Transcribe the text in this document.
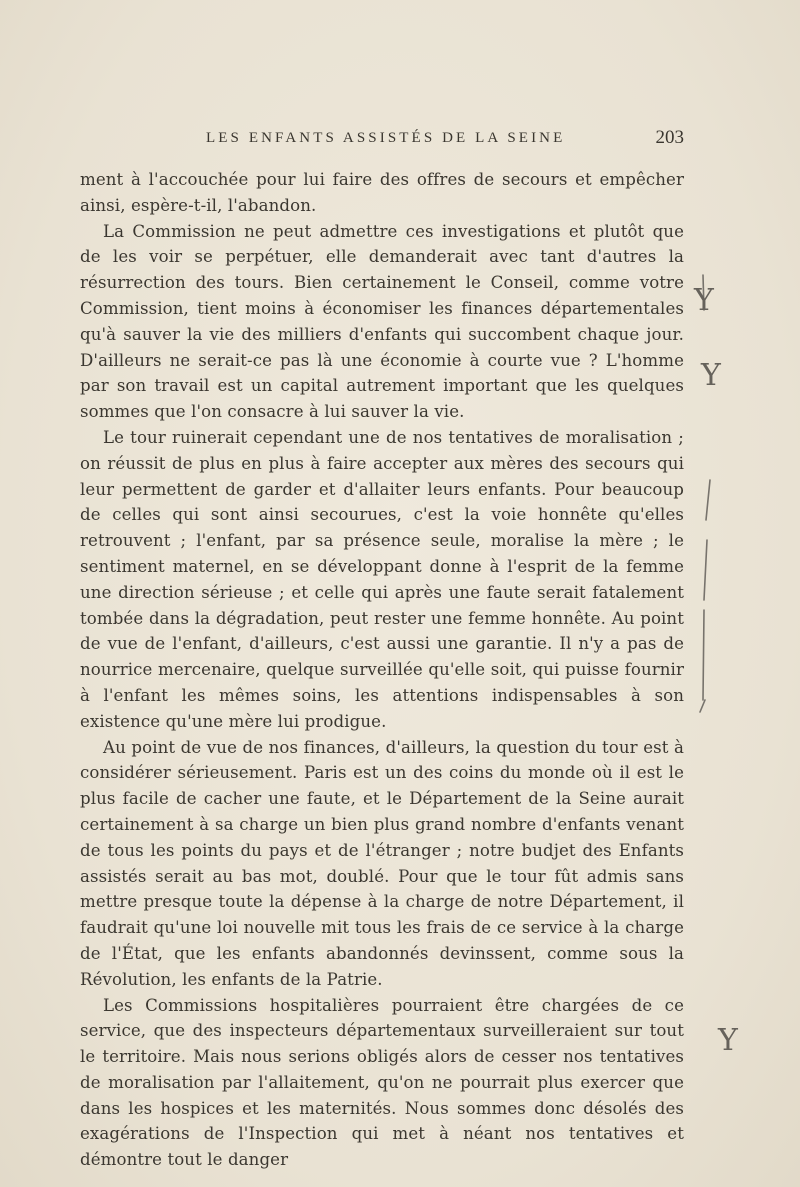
LES ENFANTS ASSISTÉS DE LA SEINE	203

ment à l'accouchée pour lui faire des offres de secours et empêcher ainsi, espère-t-il, l'abandon.

La Commission ne peut admettre ces investigations et plutôt que de les voir se perpétuer, elle demanderait avec tant d'autres la résurrection des tours. Bien certainement le Conseil, comme votre Commission, tient moins à économiser les finances départementales qu'à sauver la vie des milliers d'enfants qui succombent chaque jour. D'ailleurs ne serait-ce pas là une économie à courte vue ? L'homme par son travail est un capital autrement important que les quelques sommes que l'on consacre à lui sauver la vie.

Le tour ruinerait cependant une de nos tentatives de moralisation ; on réussit de plus en plus à faire accepter aux mères des secours qui leur permettent de garder et d'allaiter leurs enfants. Pour beaucoup de celles qui sont ainsi secourues, c'est la voie honnête qu'elles retrouvent ; l'enfant, par sa présence seule, moralise la mère ; le sentiment maternel, en se développant donne à l'esprit de la femme une direction sérieuse ; et celle qui après une faute serait fatalement tombée dans la dégradation, peut rester une femme honnête. Au point de vue de l'enfant, d'ailleurs, c'est aussi une garantie. Il n'y a pas de nourrice mercenaire, quelque surveillée qu'elle soit, qui puisse fournir à l'enfant les mêmes soins, les attentions indispensables à son existence qu'une mère lui prodigue.

Au point de vue de nos finances, d'ailleurs, la question du tour est à considérer sérieusement. Paris est un des coins du monde où il est le plus facile de cacher une faute, et le Département de la Seine aurait certainement à sa charge un bien plus grand nombre d'enfants venant de tous les points du pays et de l'étranger ; notre budjet des Enfants assistés serait au bas mot, doublé. Pour que le tour fût admis sans mettre presque toute la dépense à la charge de notre Département, il faudrait qu'une loi nouvelle mit tous les frais de ce service à la charge de l'État, que les enfants abandonnés devinssent, comme sous la Révolution, les enfants de la Patrie.

Les Commissions hospitalières pourraient être chargées de ce service, que des inspecteurs départementaux surveilleraient sur tout le territoire. Mais nous serions obligés alors de cesser nos tentatives de moralisation par l'allaitement, qu'on ne pourrait plus exercer que dans les hospices et les maternités. Nous sommes donc désolés des exagérations de l'Inspection qui met à néant nos tentatives et démontre tout le danger

Y
Y
Y
